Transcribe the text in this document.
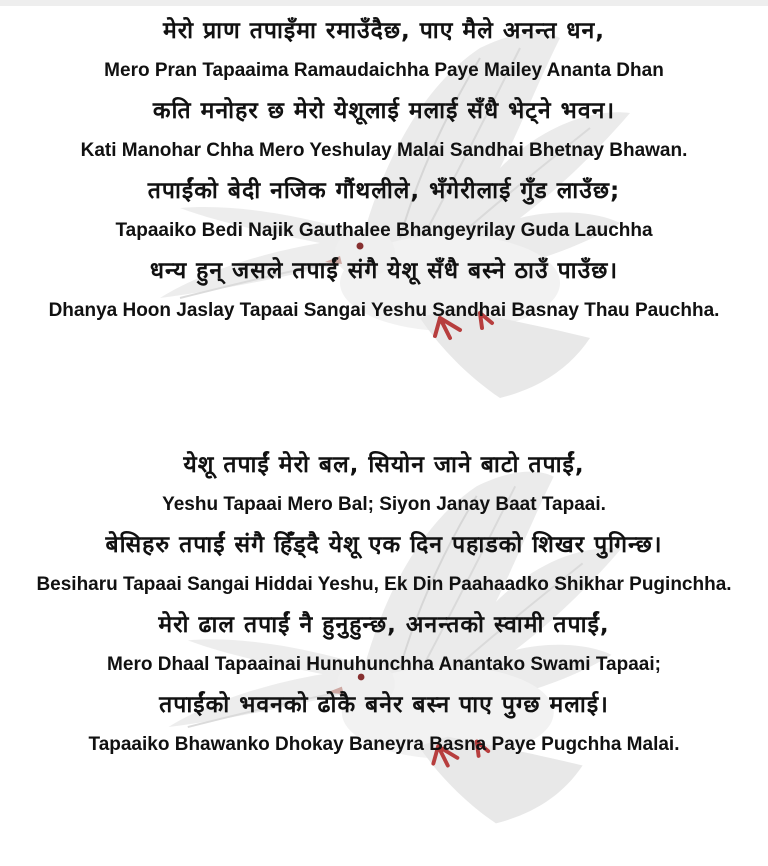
मेरो प्राण तपाइँमा रमाउँदैछ, पाए मैले अनन्त धन,

Mero Pran Tapaaima Ramaudaichha Paye Mailey Ananta Dhan

कति मनोहर छ मेरो येशूलाई मलाई सँधै भेट्ने भवन।

Kati Manohar Chha Mero Yeshulay Malai Sandhai Bhetnay Bhawan.

तपाईंको बेदी नजिक गौंथलीले, भँगेरीलाई गुँड लाउँछ;

Tapaaiko Bedi Najik Gauthalee Bhangeyrilay Guda Lauchha

धन्य हुन् जसले तपाईं संगै येशू सँधै बस्ने ठाउँ पाउँछ।

Dhanya Hoon Jaslay Tapaai Sangai Yeshu Sandhai Basnay Thau Pauchha.

येशू तपाईं मेरो बल, सियोन जाने बाटो तपाईं,

Yeshu Tapaai Mero Bal; Siyon Janay Baat Tapaai.

बेसिहरु तपाईं संगै हिँड्दै येशू एक दिन पहाडको शिखर पुगिन्छ।

Besiharu Tapaai Sangai Hiddai Yeshu, Ek Din Paahaadko Shikhar Puginchha.

मेरो ढाल तपाईं नै हुनुहुन्छ, अनन्तको स्वामी तपाईं,

Mero Dhaal Tapaainai Hunuhunchha Anantako Swami Tapaai;

तपाईंको भवनको ढोकै बनेर बस्न पाए पुग्छ मलाई।

Tapaaiko Bhawanko Dhokay Baneyra Basna Paye Pugchha Malai.
